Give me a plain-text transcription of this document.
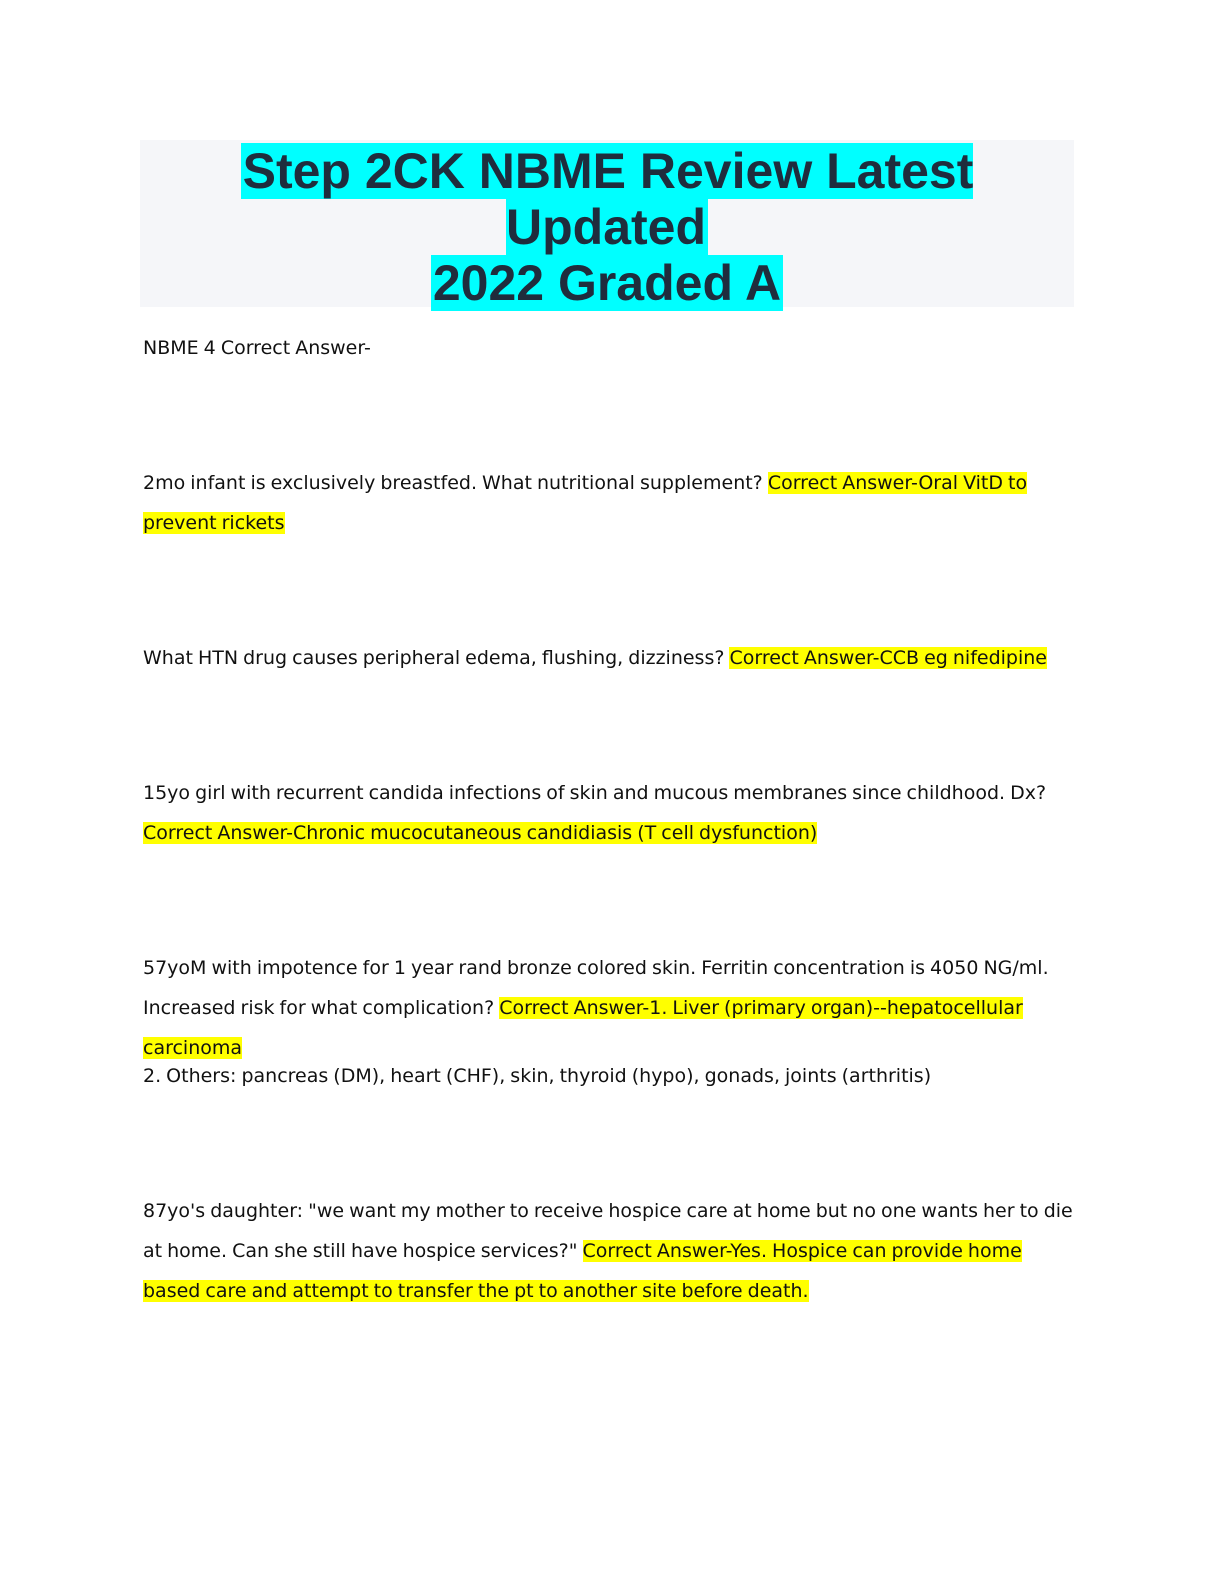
Step 2CK NBME Review Latest Updated
2022 Graded A

NBME 4 Correct Answer-

2mo infant is exclusively breastfed. What nutritional supplement? Correct Answer-Oral VitD to prevent rickets

What HTN drug causes peripheral edema, flushing, dizziness? Correct Answer-CCB eg nifedipine

15yo girl with recurrent candida infections of skin and mucous membranes since childhood. Dx? Correct Answer-Chronic mucocutaneous candidiasis (T cell dysfunction)

57yoM with impotence for 1 year rand bronze colored skin. Ferritin concentration is 4050 NG/ml. Increased risk for what complication? Correct Answer-1. Liver (primary organ)--hepatocellular carcinoma

2. Others: pancreas (DM), heart (CHF), skin, thyroid (hypo), gonads, joints (arthritis)

87yo's daughter: "we want my mother to receive hospice care at home but no one wants her to die at home. Can she still have hospice services?" Correct Answer-Yes. Hospice can provide home based care and attempt to transfer the pt to another site before death.
